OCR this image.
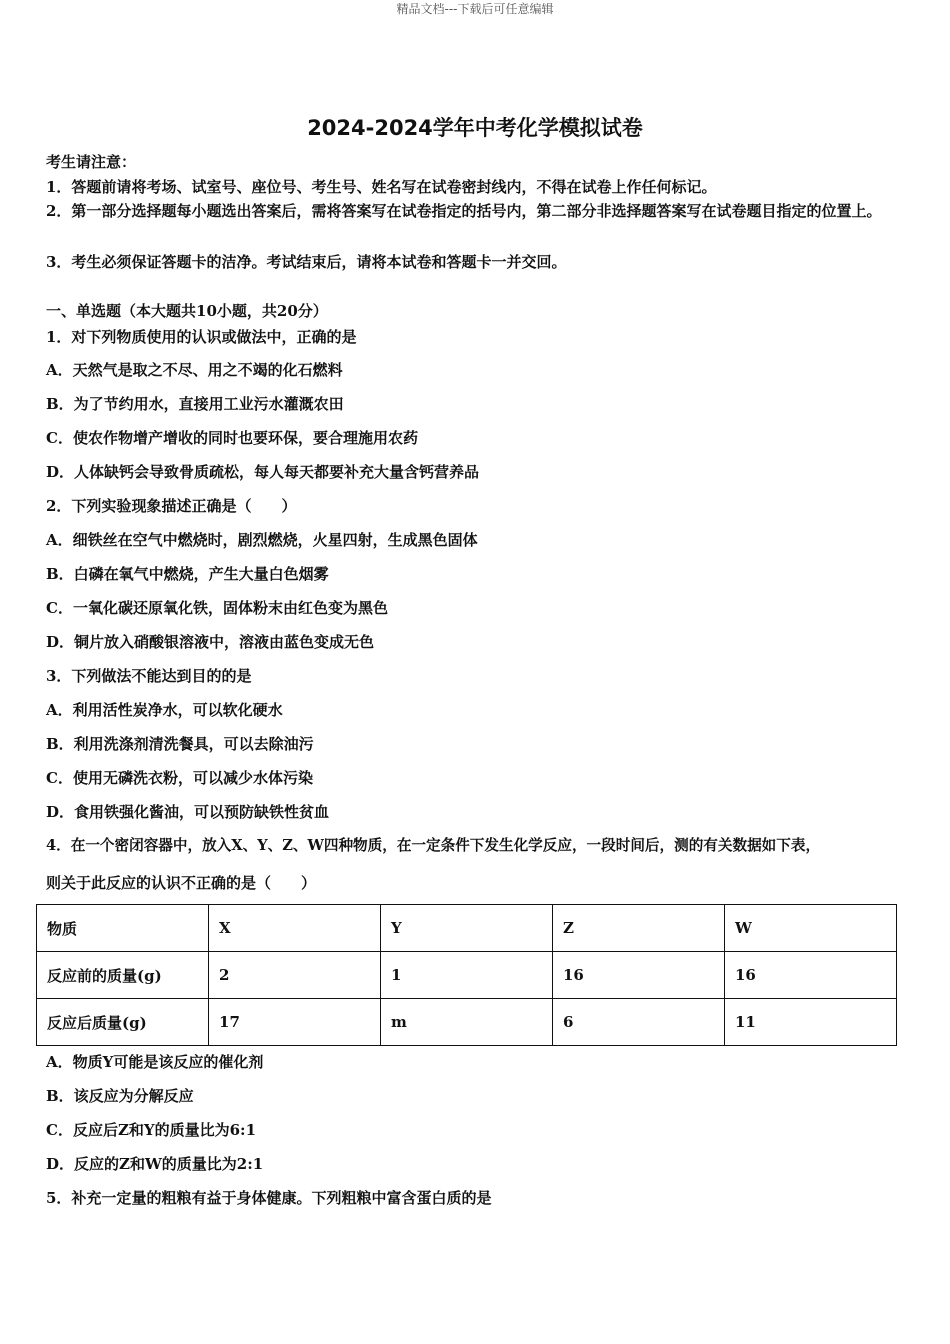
精品文档---下载后可任意编辑
2024-2024学年中考化学模拟试卷
考生请注意：
1．答题前请将考场、试室号、座位号、考生号、姓名写在试卷密封线内，不得在试卷上作任何标记。
2．第一部分选择题每小题选出答案后，需将答案写在试卷指定的括号内，第二部分非选择题答案写在试卷题目指定的位置上。
3．考生必须保证答题卡的洁净。考试结束后，请将本试卷和答题卡一并交回。
一、单选题（本大题共10小题，共20分）
1．对下列物质使用的认识或做法中，正确的是
A．天然气是取之不尽、用之不竭的化石燃料
B．为了节约用水，直接用工业污水灌溉农田
C．使农作物增产增收的同时也要环保，要合理施用农药
D．人体缺钙会导致骨质疏松，每人每天都要补充大量含钙营养品
2．下列实验现象描述正确是（　　）
A．细铁丝在空气中燃烧时，剧烈燃烧，火星四射，生成黑色固体
B．白磷在氧气中燃烧，产生大量白色烟雾
C．一氧化碳还原氧化铁，固体粉末由红色变为黑色
D．铜片放入硝酸银溶液中，溶液由蓝色变成无色
3．下列做法不能达到目的的是
A．利用活性炭净水，可以软化硬水
B．利用洗涤剂清洗餐具，可以去除油污
C．使用无磷洗衣粉，可以减少水体污染
D．食用铁强化酱油，可以预防缺铁性贫血
4．在一个密闭容器中，放入X、Y、Z、W四种物质，在一定条件下发生化学反应，一段时间后，测的有关数据如下表，
则关于此反应的认识不正确的是（　　）
物质	X	Y	Z	W
反应前的质量(g)	2	1	16	16
反应后质量(g)	17	m	6	11
A．物质Y可能是该反应的催化剂
B．该反应为分解反应
C．反应后Z和Y的质量比为6:1
D．反应的Z和W的质量比为2:1
5．补充一定量的粗粮有益于身体健康。下列粗粮中富含蛋白质的是
